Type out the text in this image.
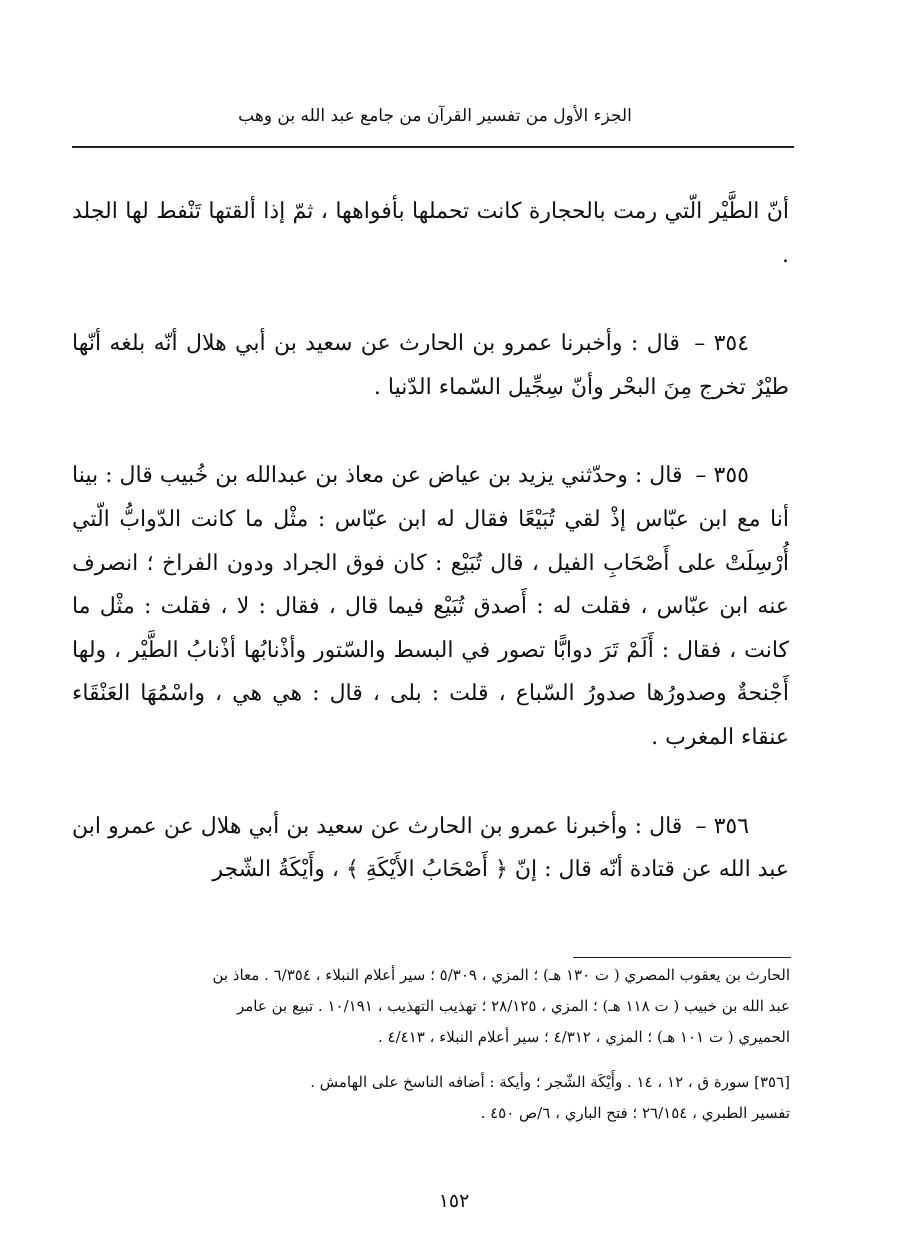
الجزء الأول من تفسير القرآن من جامع عبد الله بن وهب

أنّ الطَّيْر الّتي رمت بالحجارة كانت تحملها بأفواهها ، ثمّ إذا ألقتها تَنْفط لها الجلد .

٣٥٤ – قال : وأخبرنا عمرو بن الحارث عن سعيد بن أبي هلال أنّه بلغه أنّها طيْرٌ تخرج مِنَ البحْر وأنّ سِجِّيل السّماء الدّنيا .

٣٥٥ – قال : وحدّثني يزيد بن عياض عن معاذ بن عبدالله بن خُبيب قال : بينا أنا مع ابن عبّاس إذْ لقي تُبَيْعًا فقال له ابن عبّاس : مثْل ما كانت الدّوابُّ الّتي أُرْسِلَتْ على أَصْحَابِ الفيل ، قال تُبَيْع : كان فوق الجراد ودون الفراخ ؛ انصرف عنه ابن عبّاس ، فقلت له : أَصدق تُبَيْع فيما قال ، فقال : لا ، فقلت : مثْل ما كانت ، فقال : أَلَمْ تَرَ دوابًّا تصور في البسط والسّتور وأذْنابُها أذْنابُ الطَّيْر ، ولها أَجْنحةٌ وصدورُها صدورُ السّباع ، قلت : بلى ، قال : هي هي ، واسْمُهَا العَنْقَاء عنقاء المغرب .

٣٥٦ – قال : وأخبرنا عمرو بن الحارث عن سعيد بن أبي هلال عن عمرو ابن عبد الله عن قتادة أنّه قال : إنّ ﴿ أَصْحَابُ الأَيْكَةِ ﴾ ، وأَيْكَةُ الشّجر

الحارث بن يعقوب المصري ( ت ١٣٠ هـ) ؛ المزي ، ٥/٣٠٩ ؛ سير أعلام النبلاء ، ٦/٣٥٤ . معاذ بن
عبد الله بن خبيب ( ت ١١٨ هـ) ؛ المزي ، ٢٨/١٢٥ ؛ تهذيب التهذيب ، ١٠/١٩١ . تبيع بن عامر
الحميري ( ت ١٠١ هـ) ؛ المزي ، ٤/٣١٢ ؛ سير أعلام النبلاء ، ٤/٤١٣ .
[٣٥٦] سورة ق ، ١٢ ، ١٤ . وأَيْكَة الشّجر ؛ وأيكة : أضافه الناسخ على الهامش .
تفسير الطبري ، ٢٦/١٥٤ ؛ فتح الباري ، ٦/ص ٤٥٠ .
١٥٢
